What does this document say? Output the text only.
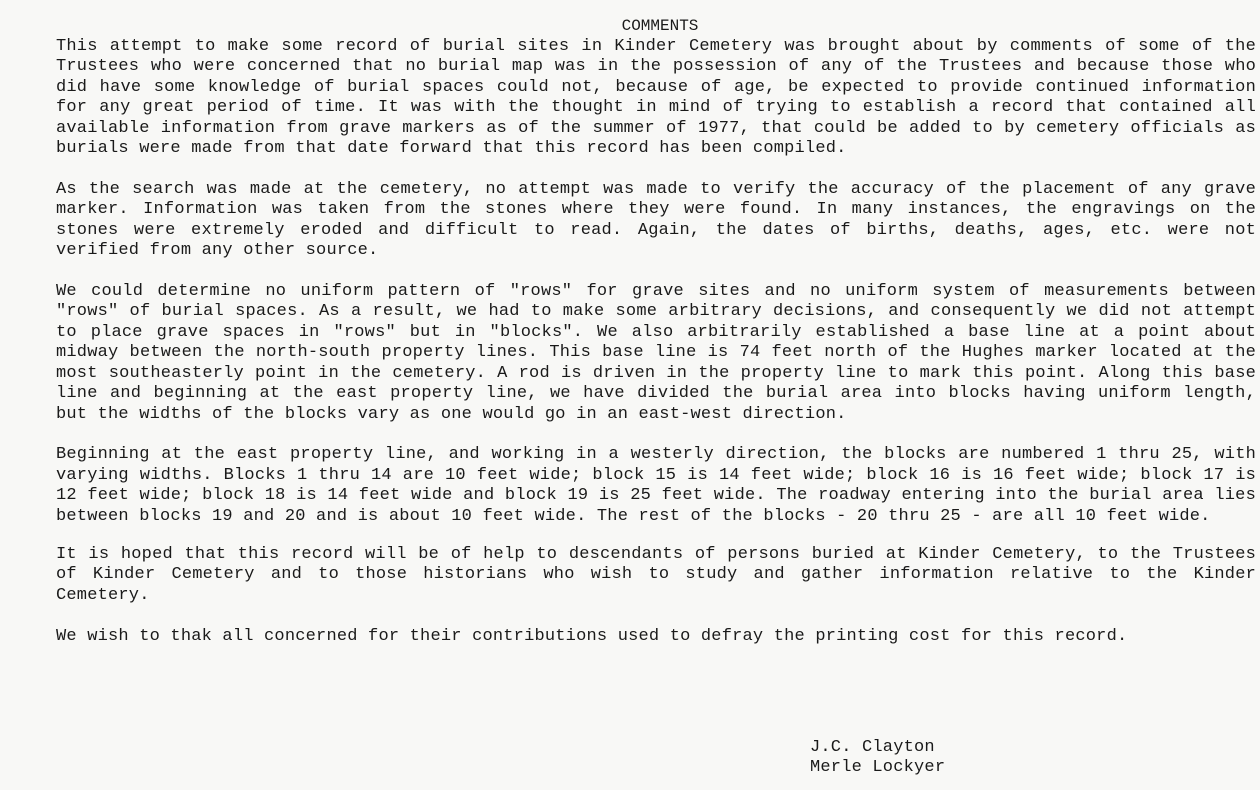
COMMENTS

This attempt to make some record of burial sites in Kinder Cemetery was brought about by comments of some of the Trustees who were concerned that no burial map was in the possession of any of the Trustees and because those who did have some knowledge of burial spaces could not, because of age, be expected to provide continued information for any great period of time. It was with the thought in mind of trying to establish a record that contained all available information from grave markers as of the summer of 1977, that could be added to by cemetery officials as burials were made from that date forward that this record has been compiled.

As the search was made at the cemetery, no attempt was made to verify the accuracy of the placement of any grave marker. Information was taken from the stones where they were found. In many instances, the engravings on the stones were extremely eroded and difficult to read. Again, the dates of births, deaths, ages, etc. were not verified from any other source.

We could determine no uniform pattern of "rows" for grave sites and no uniform system of measurements between "rows" of burial spaces. As a result, we had to make some arbitrary decisions, and consequently we did not attempt to place grave spaces in "rows" but in "blocks". We also arbitrarily established a base line at a point about midway between the north-south property lines. This base line is 74 feet north of the Hughes marker located at the most southeasterly point in the cemetery. A rod is driven in the property line to mark this point. Along this base line and beginning at the east property line, we have divided the burial area into blocks having uniform length, but the widths of the blocks vary as one would go in an east-west direction.

Beginning at the east property line, and working in a westerly direction, the blocks are numbered 1 thru 25, with varying widths. Blocks 1 thru 14 are 10 feet wide; block 15 is 14 feet wide; block 16 is 16 feet wide; block 17 is 12 feet wide; block 18 is 14 feet wide and block 19 is 25 feet wide. The roadway entering into the burial area lies between blocks 19 and 20 and is about 10 feet wide. The rest of the blocks - 20 thru 25 - are all 10 feet wide.

It is hoped that this record will be of help to descendants of persons buried at Kinder Cemetery, to the Trustees of Kinder Cemetery and to those historians who wish to study and gather information relative to the Kinder Cemetery.

We wish to thak all concerned for their contributions used to defray the printing cost for this record.

J.C. Clayton
Merle Lockyer
